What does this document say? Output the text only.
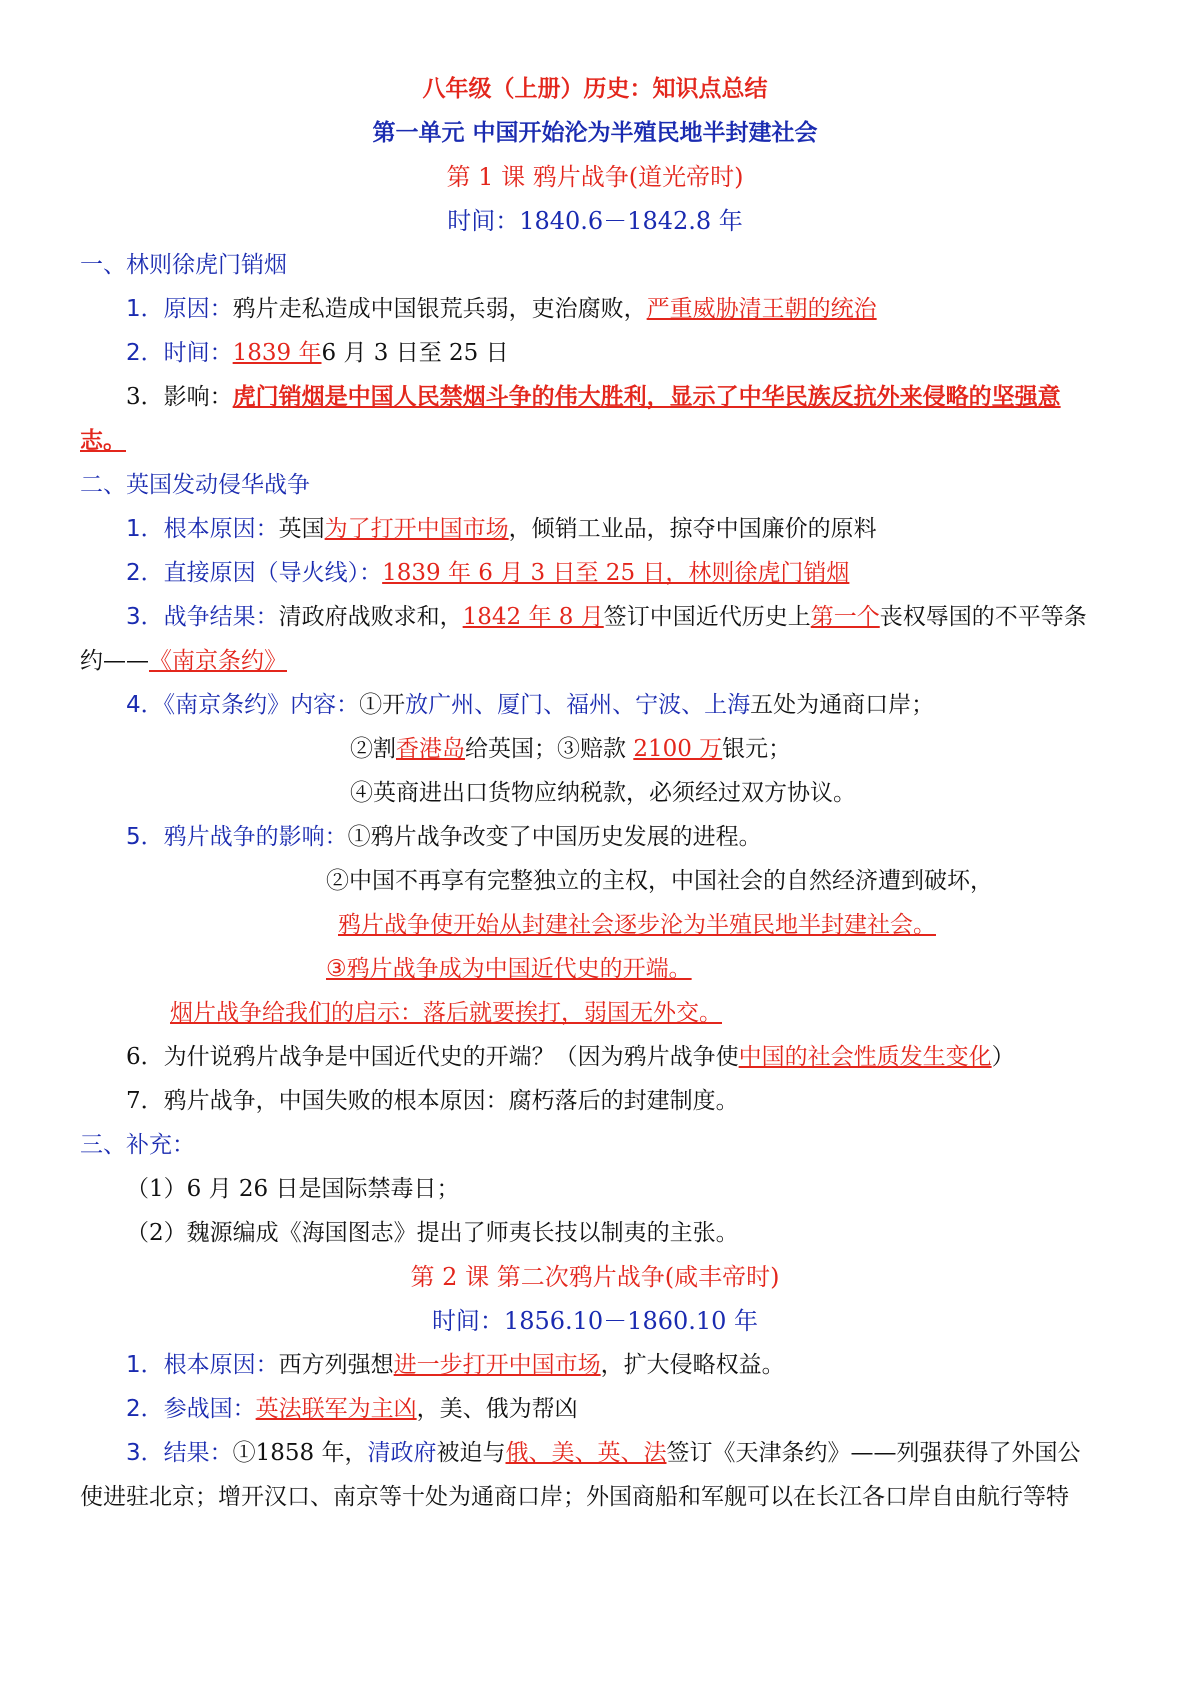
八年级（上册）历史：知识点总结
第一单元 中国开始沦为半殖民地半封建社会
第 1 课 鸦片战争(道光帝时)
时间：1840.6－1842.8 年
一、林则徐虎门销烟
1．原因：鸦片走私造成中国银荒兵弱，吏治腐败，严重威胁清王朝的统治
2．时间：1839 年6 月 3 日至 25 日
3．影响：虎门销烟是中国人民禁烟斗争的伟大胜利，显示了中华民族反抗外来侵略的坚强意
志。
二、英国发动侵华战争
1．根本原因：英国为了打开中国市场，倾销工业品，掠夺中国廉价的原料
2．直接原因（导火线）：1839 年 6 月 3 日至 25 日，林则徐虎门销烟
3．战争结果：清政府战败求和，1842 年 8 月签订中国近代历史上第一个丧权辱国的不平等条
约——《南京条约》
4．《南京条约》内容：①开放广州、厦门、福州、宁波、上海五处为通商口岸；
②割香港岛给英国；③赔款 2100 万银元；
④英商进出口货物应纳税款，必须经过双方协议。
5．鸦片战争的影响：①鸦片战争改变了中国历史发展的进程。
②中国不再享有完整独立的主权，中国社会的自然经济遭到破坏，
鸦片战争使开始从封建社会逐步沦为半殖民地半封建社会。
③鸦片战争成为中国近代史的开端。
烟片战争给我们的启示：落后就要挨打，弱国无外交。
6．为什说鸦片战争是中国近代史的开端？（因为鸦片战争使中国的社会性质发生变化）
7．鸦片战争，中国失败的根本原因：腐朽落后的封建制度。
三、补充：
（1）6 月 26 日是国际禁毒日；
（2）魏源编成《海国图志》提出了师夷长技以制夷的主张。
第 2 课 第二次鸦片战争(咸丰帝时)
时间：1856.10－1860.10 年
1．根本原因：西方列强想进一步打开中国市场，扩大侵略权益。
2．参战国：英法联军为主凶，美、俄为帮凶
3．结果：①1858 年，清政府被迫与俄、美、英、法签订《天津条约》——列强获得了外国公
使进驻北京；增开汉口、南京等十处为通商口岸；外国商船和军舰可以在长江各口岸自由航行等特
